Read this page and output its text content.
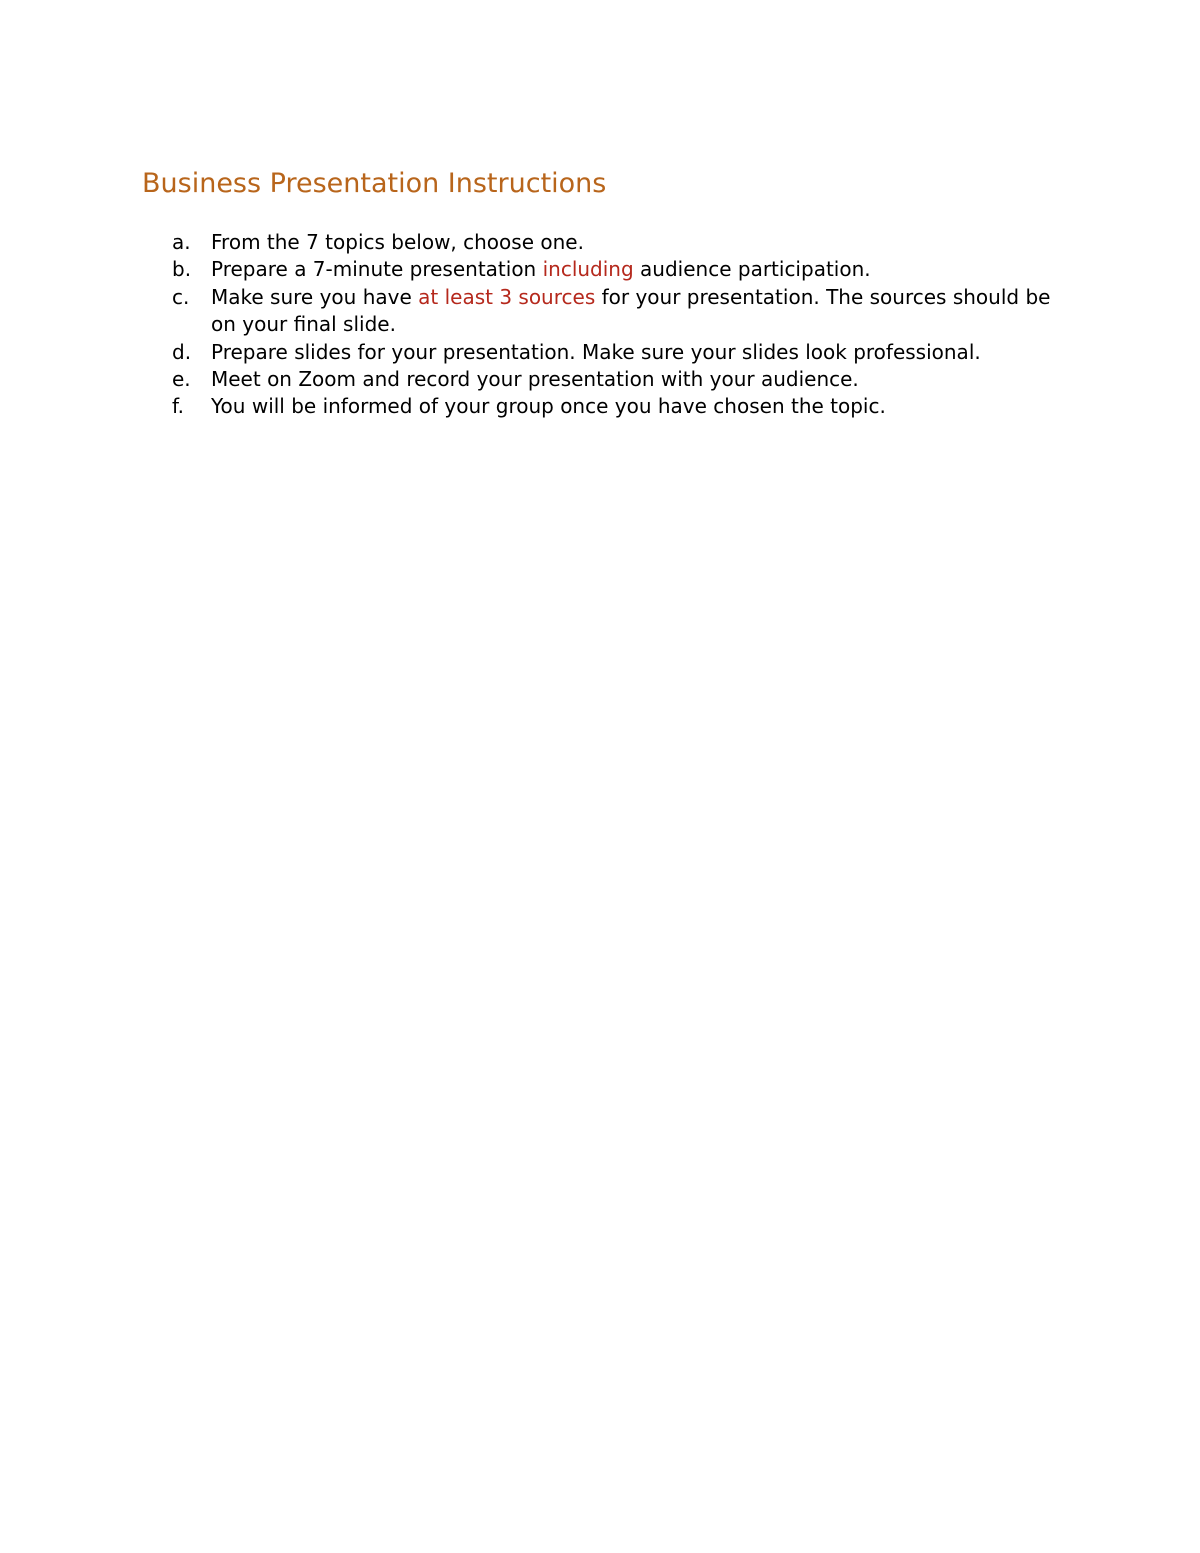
Business Presentation Instructions
a. From the 7 topics below, choose one.
b. Prepare a 7-minute presentation including audience participation.
c. Make sure you have at least 3 sources for your presentation. The sources should be on your final slide.
d. Prepare slides for your presentation. Make sure your slides look professional.
e. Meet on Zoom and record your presentation with your audience.
f. You will be informed of your group once you have chosen the topic.
